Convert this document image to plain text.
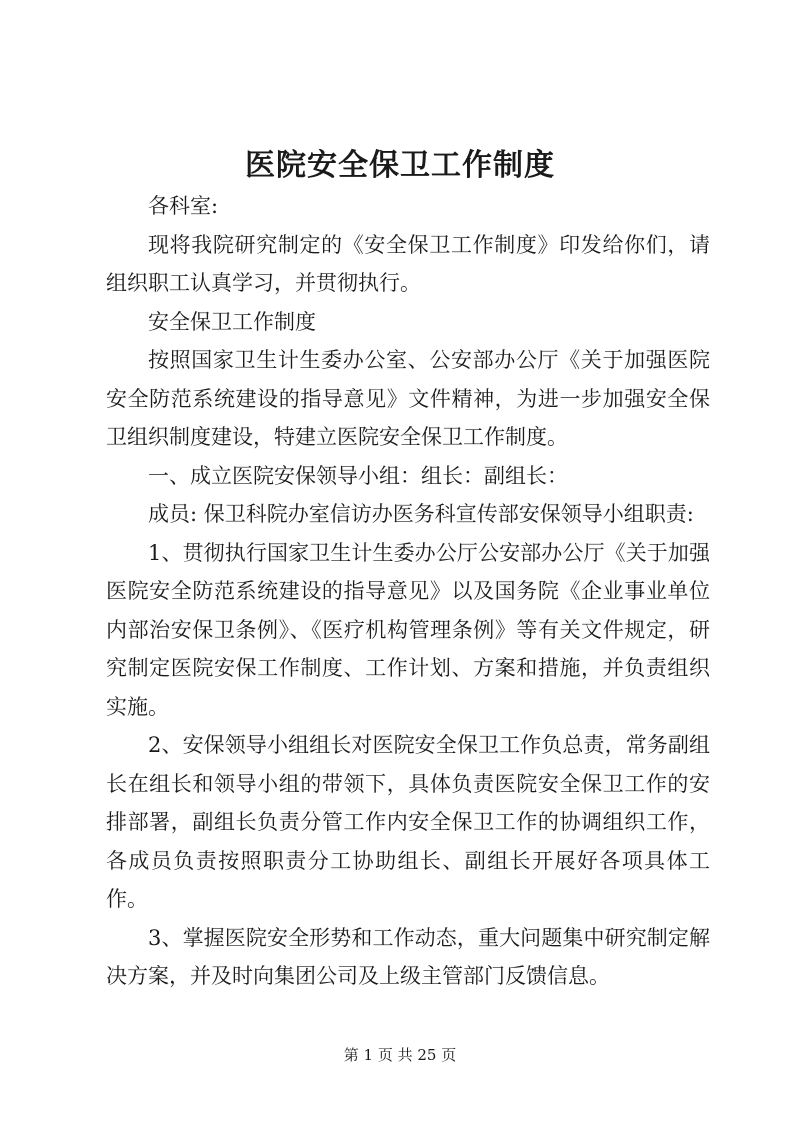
医院安全保卫工作制度

各科室:

现将我院研究制定的《安全保卫工作制度》印发给你们，请组织职工认真学习，并贯彻执行。

安全保卫工作制度

按照国家卫生计生委办公室、公安部办公厅《关于加强医院安全防范系统建设的指导意见》文件精神，为进一步加强安全保卫组织制度建设，特建立医院安全保卫工作制度。

一、成立医院安保领导小组：组长：副组长：

成员: 保卫科院办室信访办医务科宣传部安保领导小组职责:

1、贯彻执行国家卫生计生委办公厅公安部办公厅《关于加强医院安全防范系统建设的指导意见》以及国务院《企业事业单位内部治安保卫条例》、《医疗机构管理条例》等有关文件规定，研究制定医院安保工作制度、工作计划、方案和措施，并负责组织实施。

2、安保领导小组组长对医院安全保卫工作负总责，常务副组长在组长和领导小组的带领下，具体负责医院安全保卫工作的安排部署，副组长负责分管工作内安全保卫工作的协调组织工作，各成员负责按照职责分工协助组长、副组长开展好各项具体工作。

3、掌握医院安全形势和工作动态，重大问题集中研究制定解决方案，并及时向集团公司及上级主管部门反馈信息。

第 1 页 共 25 页
